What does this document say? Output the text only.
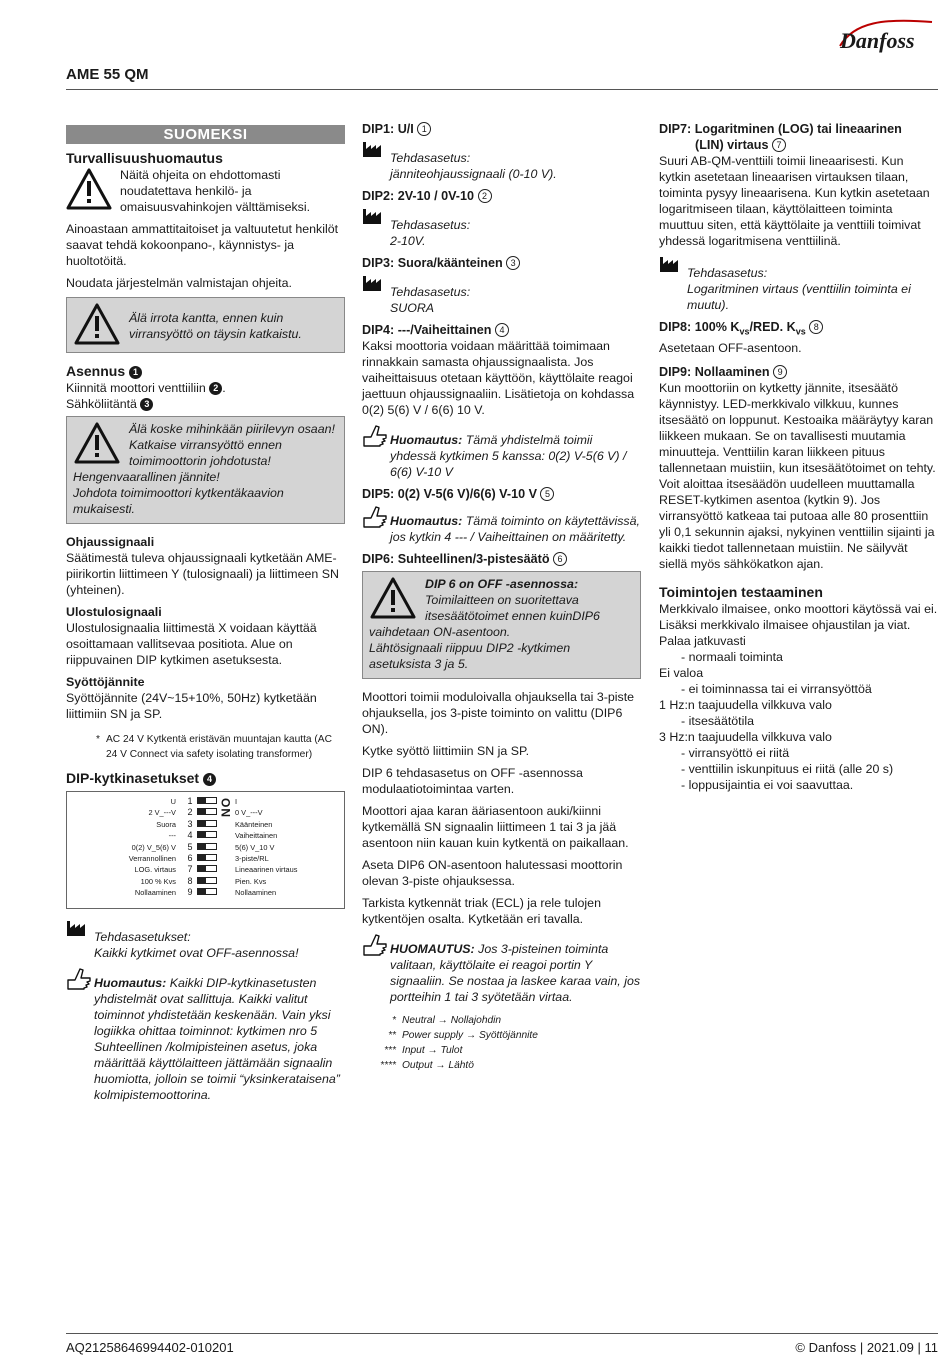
Danfoss
AME 55 QM
SUOMEKSI
Turvallisuushuomautus

Näitä ohjeita on ehdottomasti noudatettava henkilö- ja omaisuusvahinkojen välttämiseksi.

Ainoastaan ammattitaitoiset ja valtuutetut henkilöt saavat tehdä kokoonpano-, käynnistys- ja huoltotöitä.

Noudata järjestelmän valmistajan ohjeita.

Älä irrota kantta, ennen kuin virransyöttö on täysin katkaistu.
Asennus 1
Kiinnitä moottori venttiiliin 2 .
Sähköliitäntä 3
Älä koske mihinkään piirilevyn osaan!
Katkaise virransyöttö ennen toimimoottorin johdotusta!
Hengenvaarallinen jännite!
Johdota toimimoottori kytkentäkaavion mukaisesti.
Ohjaussignaali

Säätimestä tuleva ohjaussignaali kytketään AME-piirikortin liittimeen Y (tulosignaali) ja liittimeen SN (yhteinen).

Ulostulosignaali

Ulostulosignaalia liittimestä X voidaan käyttää osoittamaan vallitsevaa positiota. Alue on riippuvainen DIP kytkimen asetuksesta.

Syöttöjännite

Syöttöjännite (24V~15+10%, 50Hz) kytketään liittimiin SN ja SP.

* AC 24 V Kytkentä eristävän muuntajan kautta (AC 24 V Connect via safety isolating transformer)
DIP-kytkinasetukset 4
U
2 V_---V
Suora
---
0(2) V_5(6) V
Verrannollinen
LOG. virtaus
100 % Kvs
Nollaaminen
1
2
3
4
5
6
7
8
9
ON I
0 V_---V
Käänteinen
Vaiheittainen
5(6) V_10 V
3-piste/RL
Lineaarinen virtaus
Pien. Kvs
Nollaaminen
Tehdasasetukset:
Kaikki kytkimet ovat OFF-asennossa!
Huomautus: Kaikki DIP-kytkinasetusten yhdistelmät ovat sallittuja. Kaikki valitut toiminnot yhdistetään keskenään. Vain yksi logiikka ohittaa toiminnot: kytkimen nro 5 Suhteellinen /kolmipisteinen asetus, joka määrittää käyttölaitteen jättämään signaalin huomiotta, jolloin se toimii “yksinkerataisena” kolmipistemoottorina.
DIP1: U/I 1
Tehdasasetus:
jänniteohjaussignaali (0-10 V).
DIP2: 2V-10 / 0V-10 2
Tehdasasetus:
2-10V.
DIP3: Suora/käänteinen 3
Tehdasasetus:
SUORA
DIP4: ---/Vaiheittainen 4

Kaksi moottoria voidaan määrittää toimimaan rinnakkain samasta ohjaussignaalista. Jos vaiheittaisuus otetaan käyttöön, käyttölaite reagoi jaettuun ohjaussignaaliin. Lisätietoja on kohdassa 0(2) 5(6) V / 6(6) 10 V.

Huomautus: Tämä yhdistelmä toimii yhdessä kytkimen 5 kanssa: 0(2) V-5(6 V) / 6(6) V-10 V
DIP5: 0(2) V-5(6 V)/6(6) V-10 V 5
Huomautus: Tämä toiminto on käytettävissä, jos kytkin 4 --- / Vaiheittainen on määritetty.
DIP6: Suhteellinen/3-pistesäätö 6
DIP 6 on OFF -asennossa:
Toimilaitteen on suoritettava itsesäätötoimet ennen kuinDIP6 vaihdetaan ON-asentoon.
Lähtösignaali riippuu DIP2 -kytkimen asetuksista 3 ja 5.

Moottori toimii moduloivalla ohjauksella tai 3-piste ohjauksella, jos 3-piste toiminto on valittu (DIP6 ON).

Kytke syöttö liittimiin SN ja SP.

DIP 6 tehdasasetus on OFF -asennossa modulaatiotoimintaa varten.

Moottori ajaa karan ääriasentoon auki/kiinni kytkemällä SN signaalin liittimeen 1 tai 3 ja jää asentoon niin kauan kuin kytkentä on paikallaan.

Aseta DIP6 ON-asentoon halutessasi moottorin olevan 3-piste ohjauksessa.

Tarkista kytkennät triak (ECL) ja rele tulojen kytkentöjen osalta. Kytketään eri tavalla.

HUOMAUTUS: Jos 3-pisteinen toiminta valitaan, käyttölaite ei reagoi portin Y signaaliin. Se nostaa ja laskee karaa vain, jos portteihin 1 tai 3 syötetään virtaa.
* Neutral → Nollajohdin
** Power supply → Syöttöjännite
*** Input → Tulot
**** Output → Lähtö
DIP7: Logaritminen (LOG) tai lineaarinen
(LIN) virtaus 7

Suuri AB-QM-venttiili toimii lineaarisesti. Kun kytkin asetetaan lineaarisen virtauksen tilaan, toiminta pysyy lineaarisena. Kun kytkin asetetaan logaritmiseen tilaan, käyttölaitteen toiminta muuttuu siten, että käyttölaite ja venttiili toimivat yhdessä logaritmisena venttiilinä.

Tehdasasetus:
Logaritminen virtaus (venttiilin toiminta ei muutu).
DIP8: 100% $K_{vs}$/RED. $K_{vs}$ 8

Asetetaan OFF-asentoon.

DIP9: Nollaaminen 9

Kun moottoriin on kytketty jännite, itsesäätö käynnistyy. LED-merkkivalo vilkkuu, kunnes itsesäätö on loppunut. Kestoaika määräytyy karan liikkeen mukaan. Se on tavallisesti muutamia minuutteja. Venttiilin karan liikkeen pituus tallennetaan muistiin, kun itsesäätötoimet on tehty. Voit aloittaa itsesäädön uudelleen muuttamalla RESET-kytkimen asentoa (kytkin 9). Jos virransyöttö katkeaa tai putoaa alle 80 prosenttiin yli 0,1 sekunnin ajaksi, nykyinen venttiilin sijainti ja kaikki tiedot tallennetaan muistiin. Ne säilyvät siellä myös sähkökatkon ajan.

Toimintojen testaaminen
Merkkivalo ilmaisee, onko moottori käytössä vai ei. Lisäksi merkkivalo ilmaisee ohjaustilan ja viat.
Palaa jatkuvasti
- normaali toiminta
Ei valoa
- ei toiminnassa tai ei virransyöttöä
1 Hz:n taajuudella vilkkuva valo
- itsesäätötila
3 Hz:n taajuudella vilkkuva valo
- virransyöttö ei riitä
- venttiilin iskunpituus ei riitä (alle 20 s)
- loppusijaintia ei voi saavuttaa.
AQ21258646994402-010201	© Danfoss | 2021.09 | 11
